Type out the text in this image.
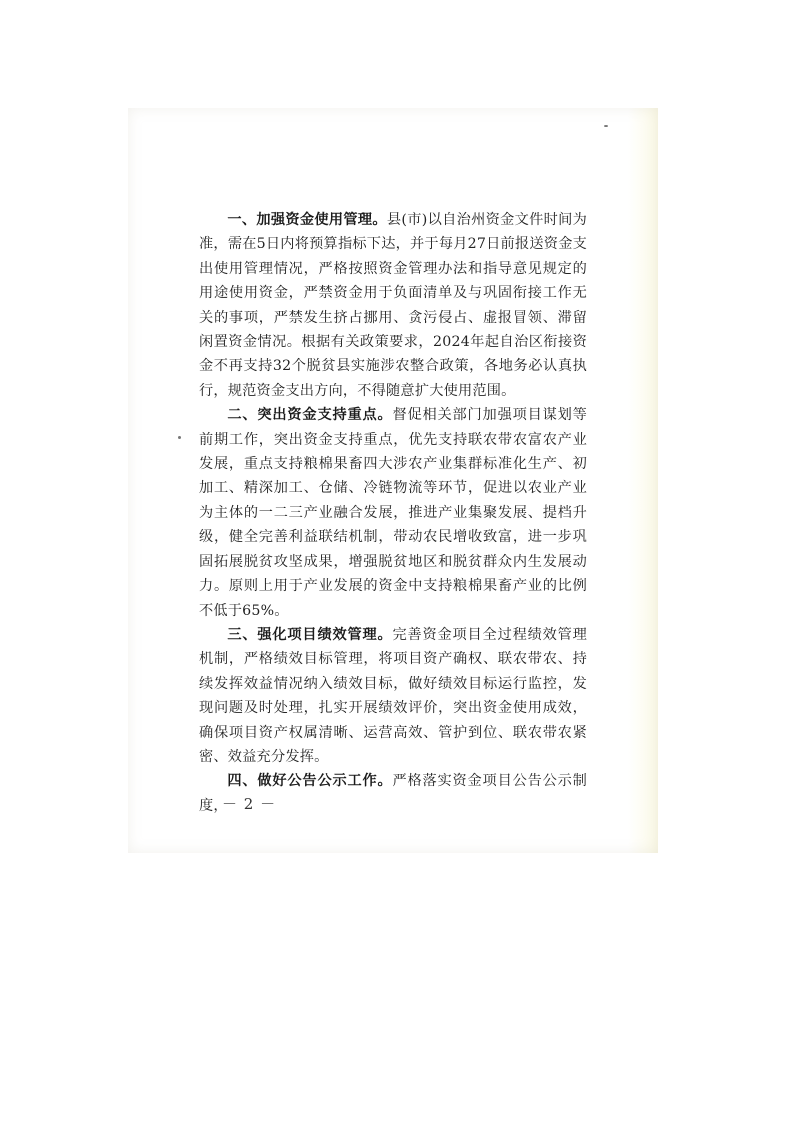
一、加强资金使用管理。县(市)以自治州资金文件时间为准，需在5日内将预算指标下达，并于每月27日前报送资金支出使用管理情况，严格按照资金管理办法和指导意见规定的用途使用资金，严禁资金用于负面清单及与巩固衔接工作无关的事项，严禁发生挤占挪用、贪污侵占、虚报冒领、滞留闲置资金情况。根据有关政策要求，2024年起自治区衔接资金不再支持32个脱贫县实施涉农整合政策，各地务必认真执行，规范资金支出方向，不得随意扩大使用范围。

二、突出资金支持重点。督促相关部门加强项目谋划等前期工作，突出资金支持重点，优先支持联农带农富农产业发展，重点支持粮棉果畜四大涉农产业集群标准化生产、初加工、精深加工、仓储、冷链物流等环节，促进以农业产业为主体的一二三产业融合发展，推进产业集聚发展、提档升级，健全完善利益联结机制，带动农民增收致富，进一步巩固拓展脱贫攻坚成果，增强脱贫地区和脱贫群众内生发展动力。原则上用于产业发展的资金中支持粮棉果畜产业的比例不低于65%。

三、强化项目绩效管理。完善资金项目全过程绩效管理机制，严格绩效目标管理，将项目资产确权、联农带农、持续发挥效益情况纳入绩效目标，做好绩效目标运行监控，发现问题及时处理，扎实开展绩效评价，突出资金使用成效，确保项目资产权属清晰、运营高效、管护到位、联农带农紧密、效益充分发挥。

四、做好公告公示工作。严格落实资金项目公告公示制度，

－ 2 －
